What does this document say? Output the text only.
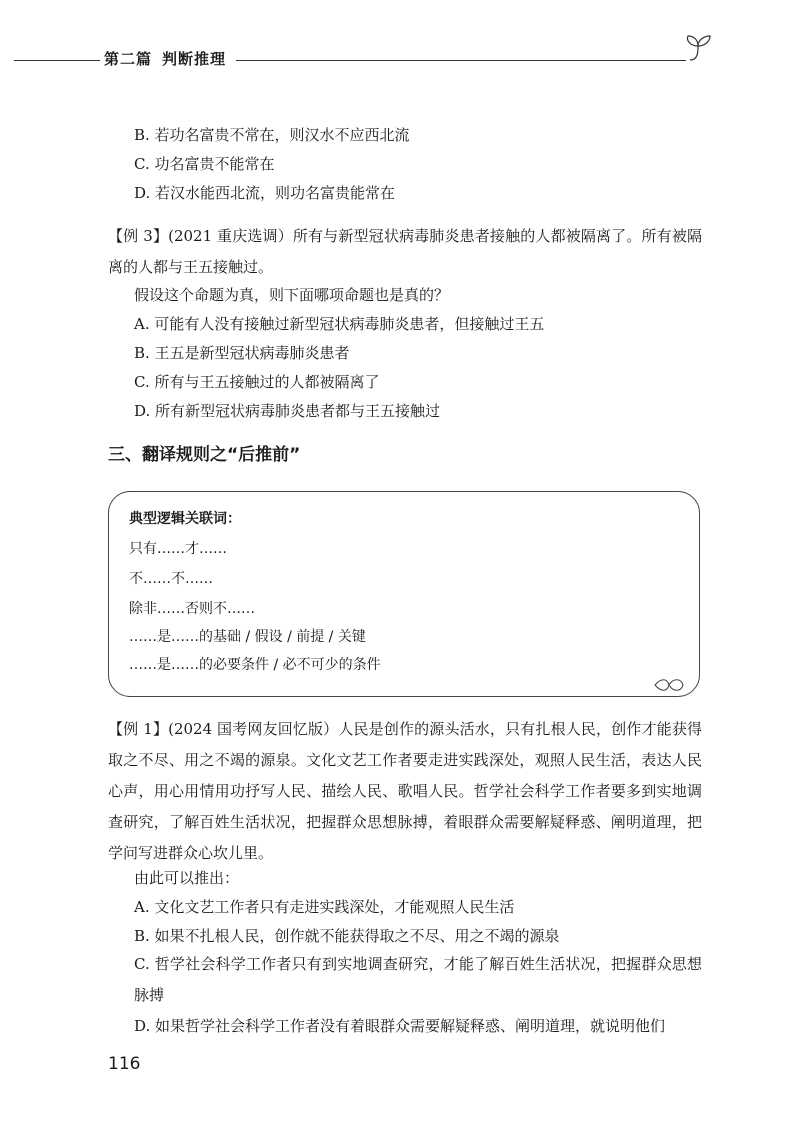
第二篇 判断推理
B. 若功名富贵不常在，则汉水不应西北流
C. 功名富贵不能常在
D. 若汉水能西北流，则功名富贵能常在
【例 3】(2021 重庆选调）所有与新型冠状病毒肺炎患者接触的人都被隔离了。所有被隔离的人都与王五接触过。
假设这个命题为真，则下面哪项命题也是真的？
A. 可能有人没有接触过新型冠状病毒肺炎患者，但接触过王五
B. 王五是新型冠状病毒肺炎患者
C. 所有与王五接触过的人都被隔离了
D. 所有新型冠状病毒肺炎患者都与王五接触过
三、翻译规则之“后推前”
典型逻辑关联词：
只有……才……
不……不……
除非……否则不……
……是……的基础 / 假设 / 前提 / 关键
……是……的必要条件 / 必不可少的条件
【例 1】(2024 国考网友回忆版）人民是创作的源头活水，只有扎根人民，创作才能获得取之不尽、用之不竭的源泉。文化文艺工作者要走进实践深处，观照人民生活，表达人民心声，用心用情用功抒写人民、描绘人民、歌唱人民。哲学社会科学工作者要多到实地调查研究，了解百姓生活状况，把握群众思想脉搏，着眼群众需要解疑释惑、阐明道理，把学问写进群众心坎儿里。
由此可以推出：
A. 文化文艺工作者只有走进实践深处，才能观照人民生活
B. 如果不扎根人民，创作就不能获得取之不尽、用之不竭的源泉
C. 哲学社会科学工作者只有到实地调查研究，才能了解百姓生活状况，把握群众思想脉搏
D. 如果哲学社会科学工作者没有着眼群众需要解疑释惑、阐明道理，就说明他们
116
